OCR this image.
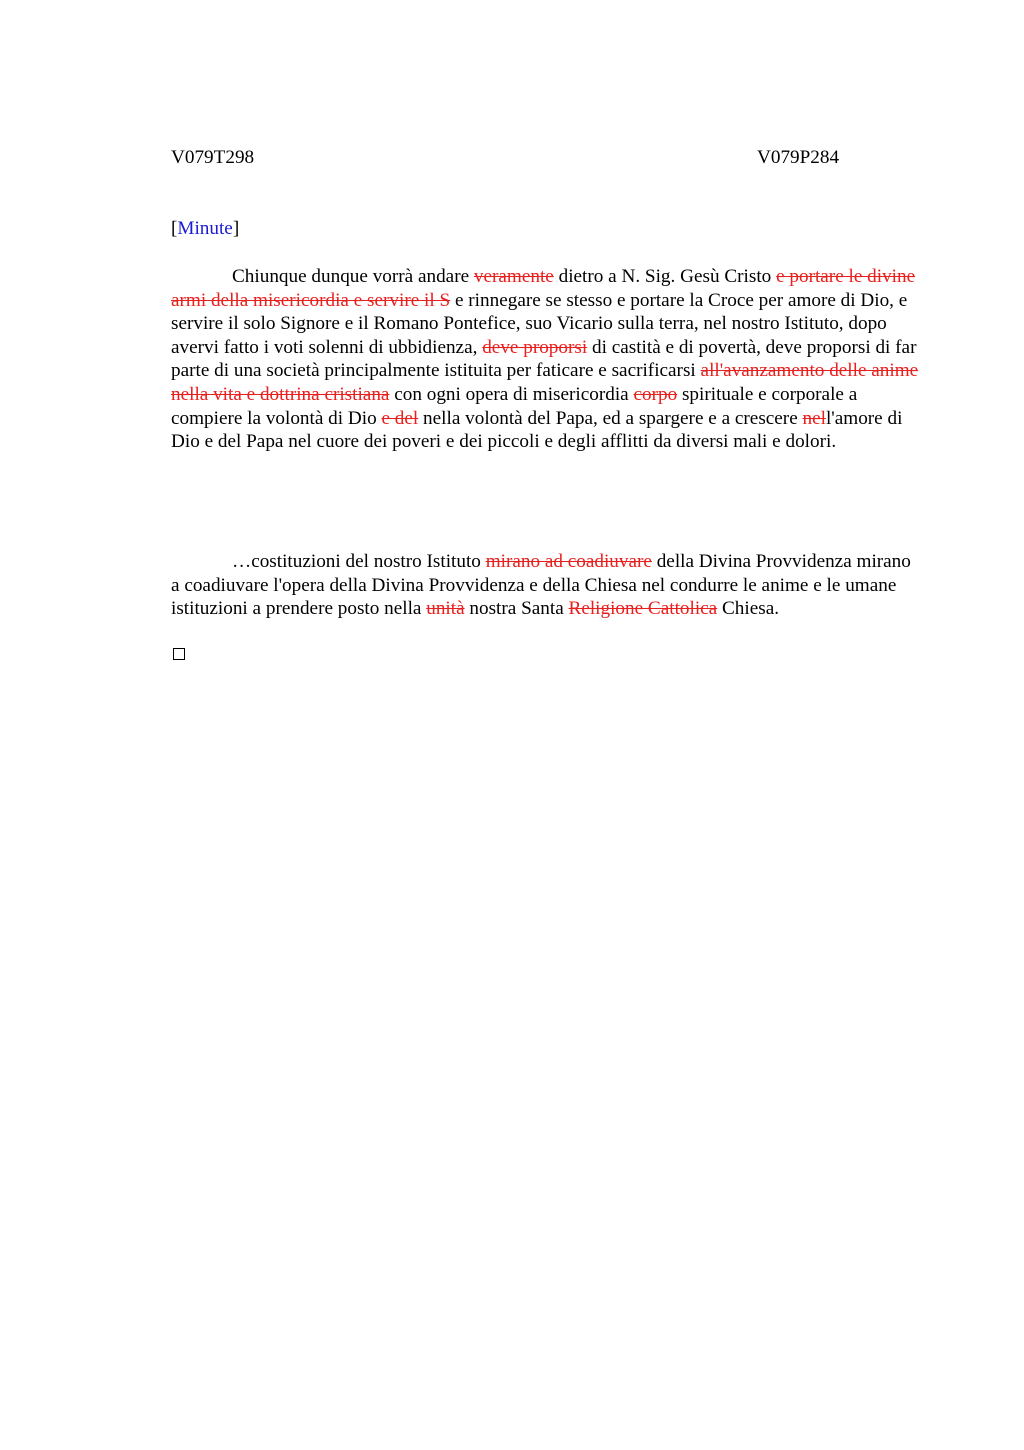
V079T298	V079P284
[Minute]

Chiunque dunque vorrà andare veramente dietro a N. Sig. Gesù Cristo e portare le divine armi della misericordia e servire il S e rinnegare se stesso e portare la Croce per amore di Dio, e servire il solo Signore e il Romano Pontefice, suo Vicario sulla terra, nel nostro Istituto, dopo avervi fatto i voti solenni di ubbidienza, deve proporsi di castità e di povertà, deve proporsi di far parte di una società principalmente istituita per faticare e sacrificarsi all'avanzamento delle anime nella vita e dottrina cristiana con ogni opera di misericordia corpo spirituale e corporale a compiere la volontà di Dio e del nella volontà del Papa, ed a spargere e a crescere nell'amore di Dio e del Papa nel cuore dei poveri e dei piccoli e degli afflitti da diversi mali e dolori.

…costituzioni del nostro Istituto mirano ad coadiuvare della Divina Provvidenza mirano a coadiuvare l'opera della Divina Provvidenza e della Chiesa nel condurre le anime e le umane istituzioni a prendere posto nella unità nostra Santa Religione Cattolica Chiesa.
